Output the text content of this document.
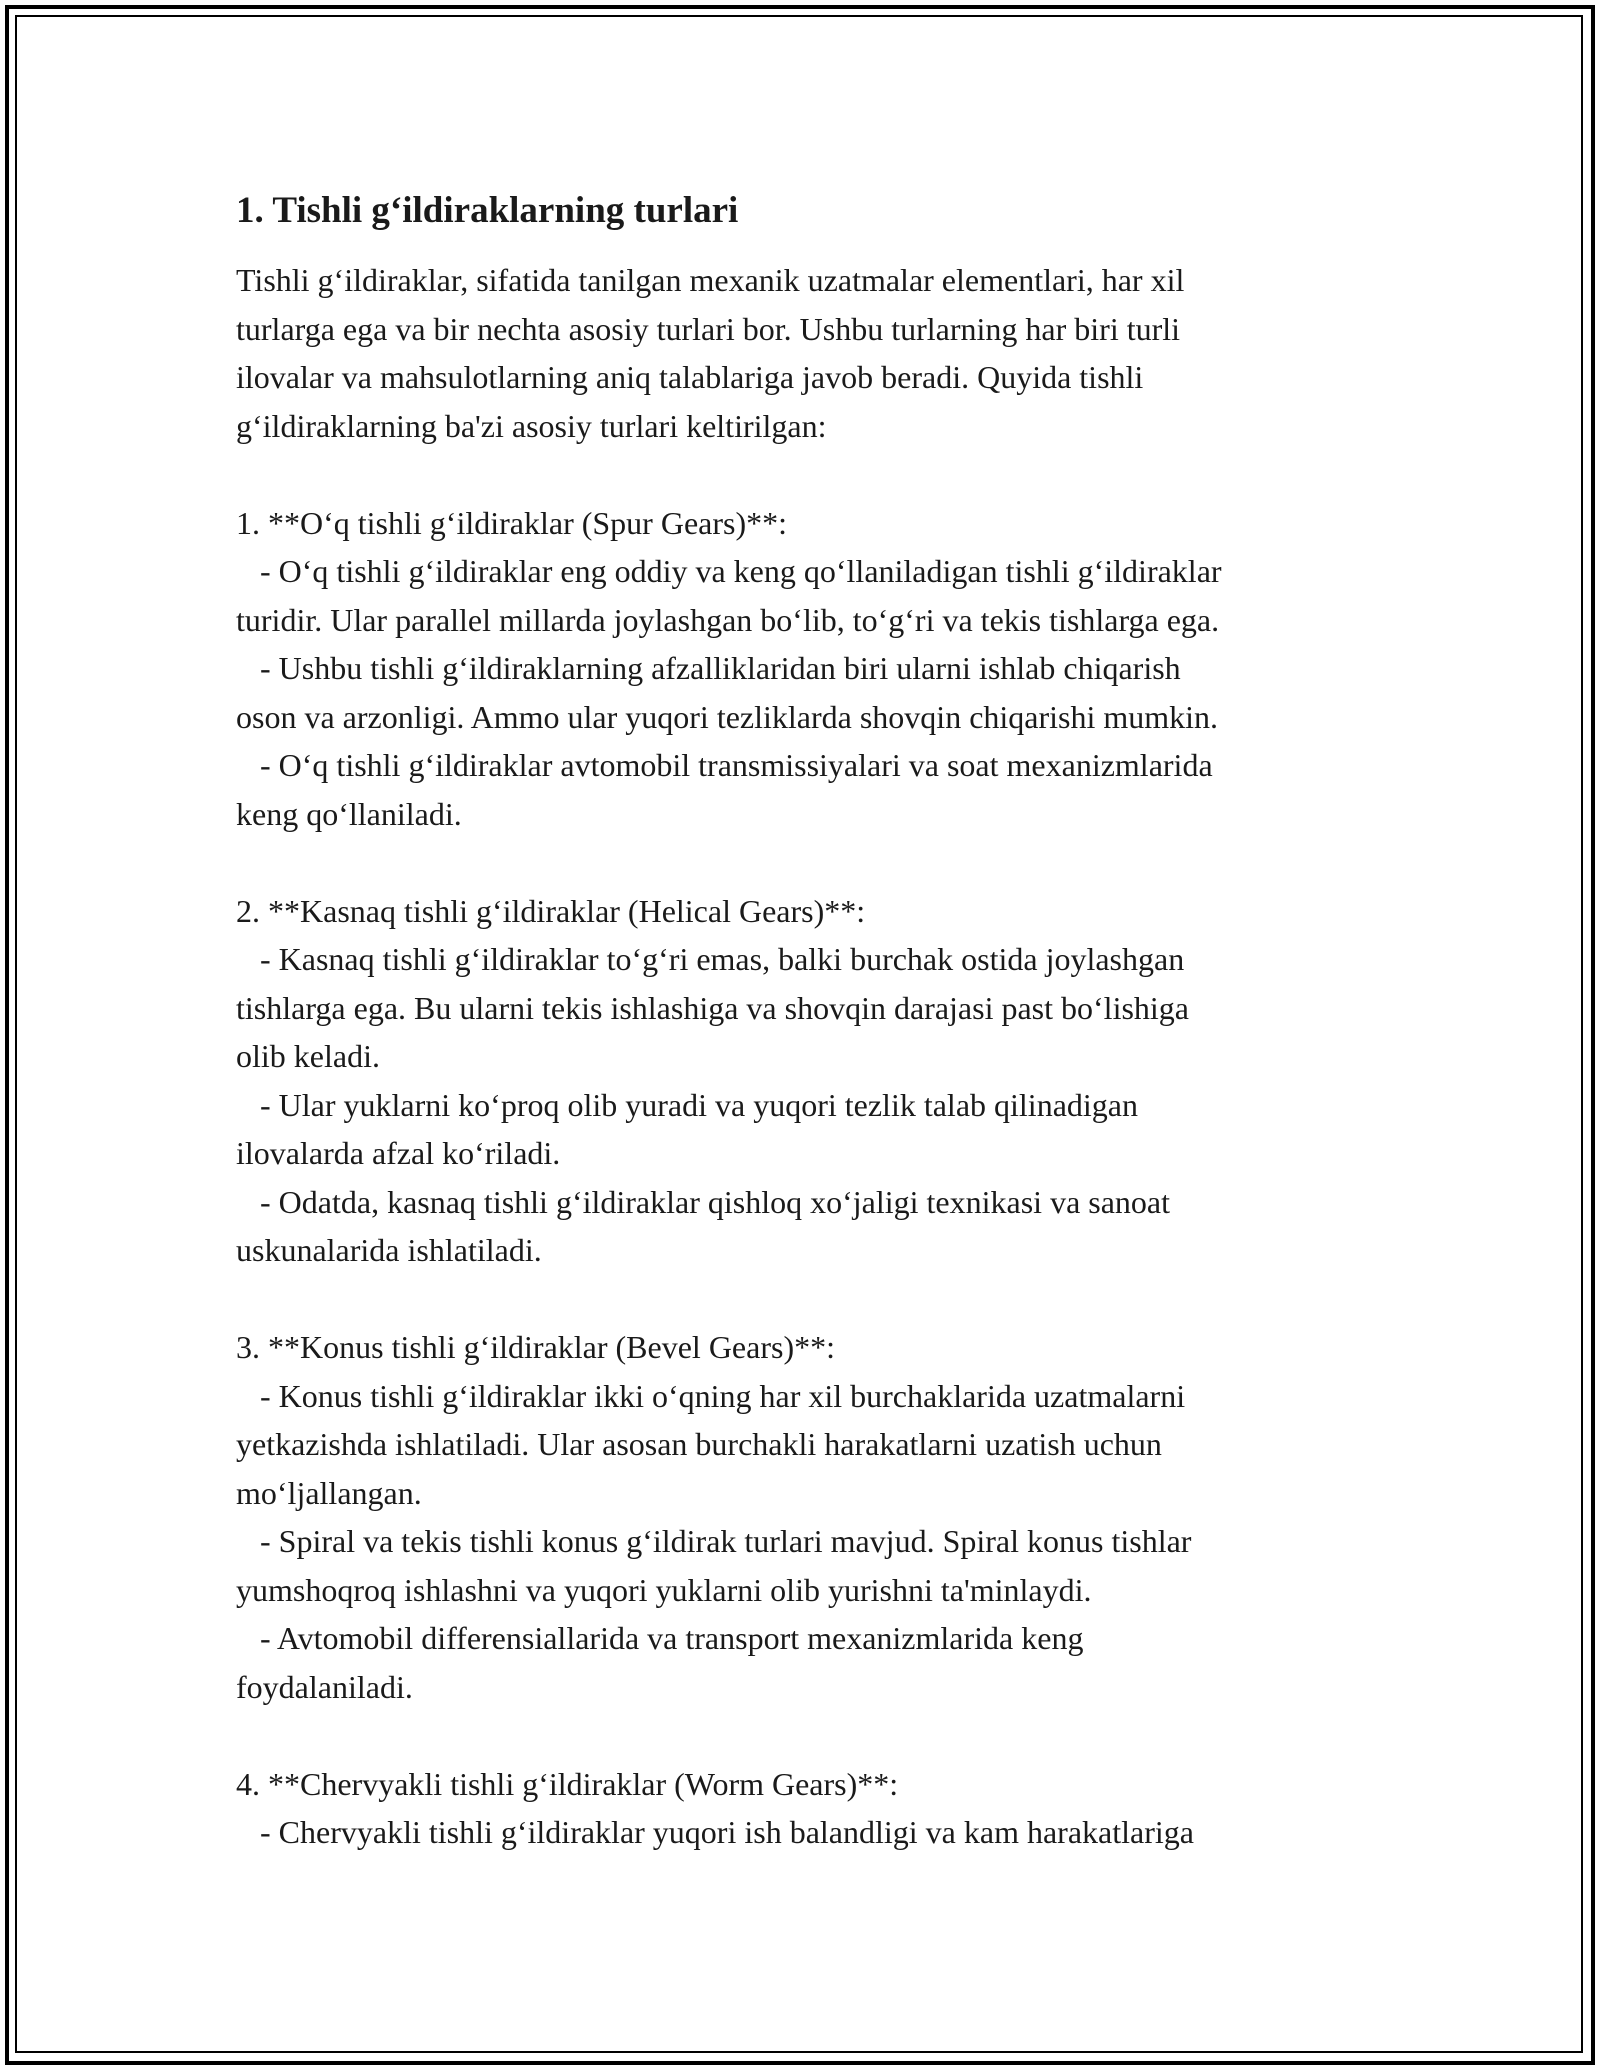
1. Tishli g‘ildiraklarning turlari
Tishli g‘ildiraklar, sifatida tanilgan mexanik uzatmalar elementlari, har xil
turlarga ega va bir nechta asosiy turlari bor. Ushbu turlarning har biri turli
ilovalar va mahsulotlarning aniq talablariga javob beradi. Quyida tishli
g‘ildiraklarning ba'zi asosiy turlari keltirilgan:
1. **O‘q tishli g‘ildiraklar (Spur Gears)**:
- O‘q tishli g‘ildiraklar eng oddiy va keng qo‘llaniladigan tishli g‘ildiraklar
turidir. Ular parallel millarda joylashgan bo‘lib, to‘g‘ri va tekis tishlarga ega.
- Ushbu tishli g‘ildiraklarning afzalliklaridan biri ularni ishlab chiqarish
oson va arzonligi. Ammo ular yuqori tezliklarda shovqin chiqarishi mumkin.
- O‘q tishli g‘ildiraklar avtomobil transmissiyalari va soat mexanizmlarida
keng qo‘llaniladi.
2. **Kasnaq tishli g‘ildiraklar (Helical Gears)**:
- Kasnaq tishli g‘ildiraklar to‘g‘ri emas, balki burchak ostida joylashgan
tishlarga ega. Bu ularni tekis ishlashiga va shovqin darajasi past bo‘lishiga
olib keladi.
- Ular yuklarni ko‘proq olib yuradi va yuqori tezlik talab qilinadigan
ilovalarda afzal ko‘riladi.
- Odatda, kasnaq tishli g‘ildiraklar qishloq xo‘jaligi texnikasi va sanoat
uskunalarida ishlatiladi.
3. **Konus tishli g‘ildiraklar (Bevel Gears)**:
- Konus tishli g‘ildiraklar ikki o‘qning har xil burchaklarida uzatmalarni
yetkazishda ishlatiladi. Ular asosan burchakli harakatlarni uzatish uchun
mo‘ljallangan.
- Spiral va tekis tishli konus g‘ildirak turlari mavjud. Spiral konus tishlar
yumshoqroq ishlashni va yuqori yuklarni olib yurishni ta'minlaydi.
- Avtomobil differensiallarida va transport mexanizmlarida keng
foydalaniladi.
4. **Chervyakli tishli g‘ildiraklar (Worm Gears)**:
- Chervyakli tishli g‘ildiraklar yuqori ish balandligi va kam harakatlariga
